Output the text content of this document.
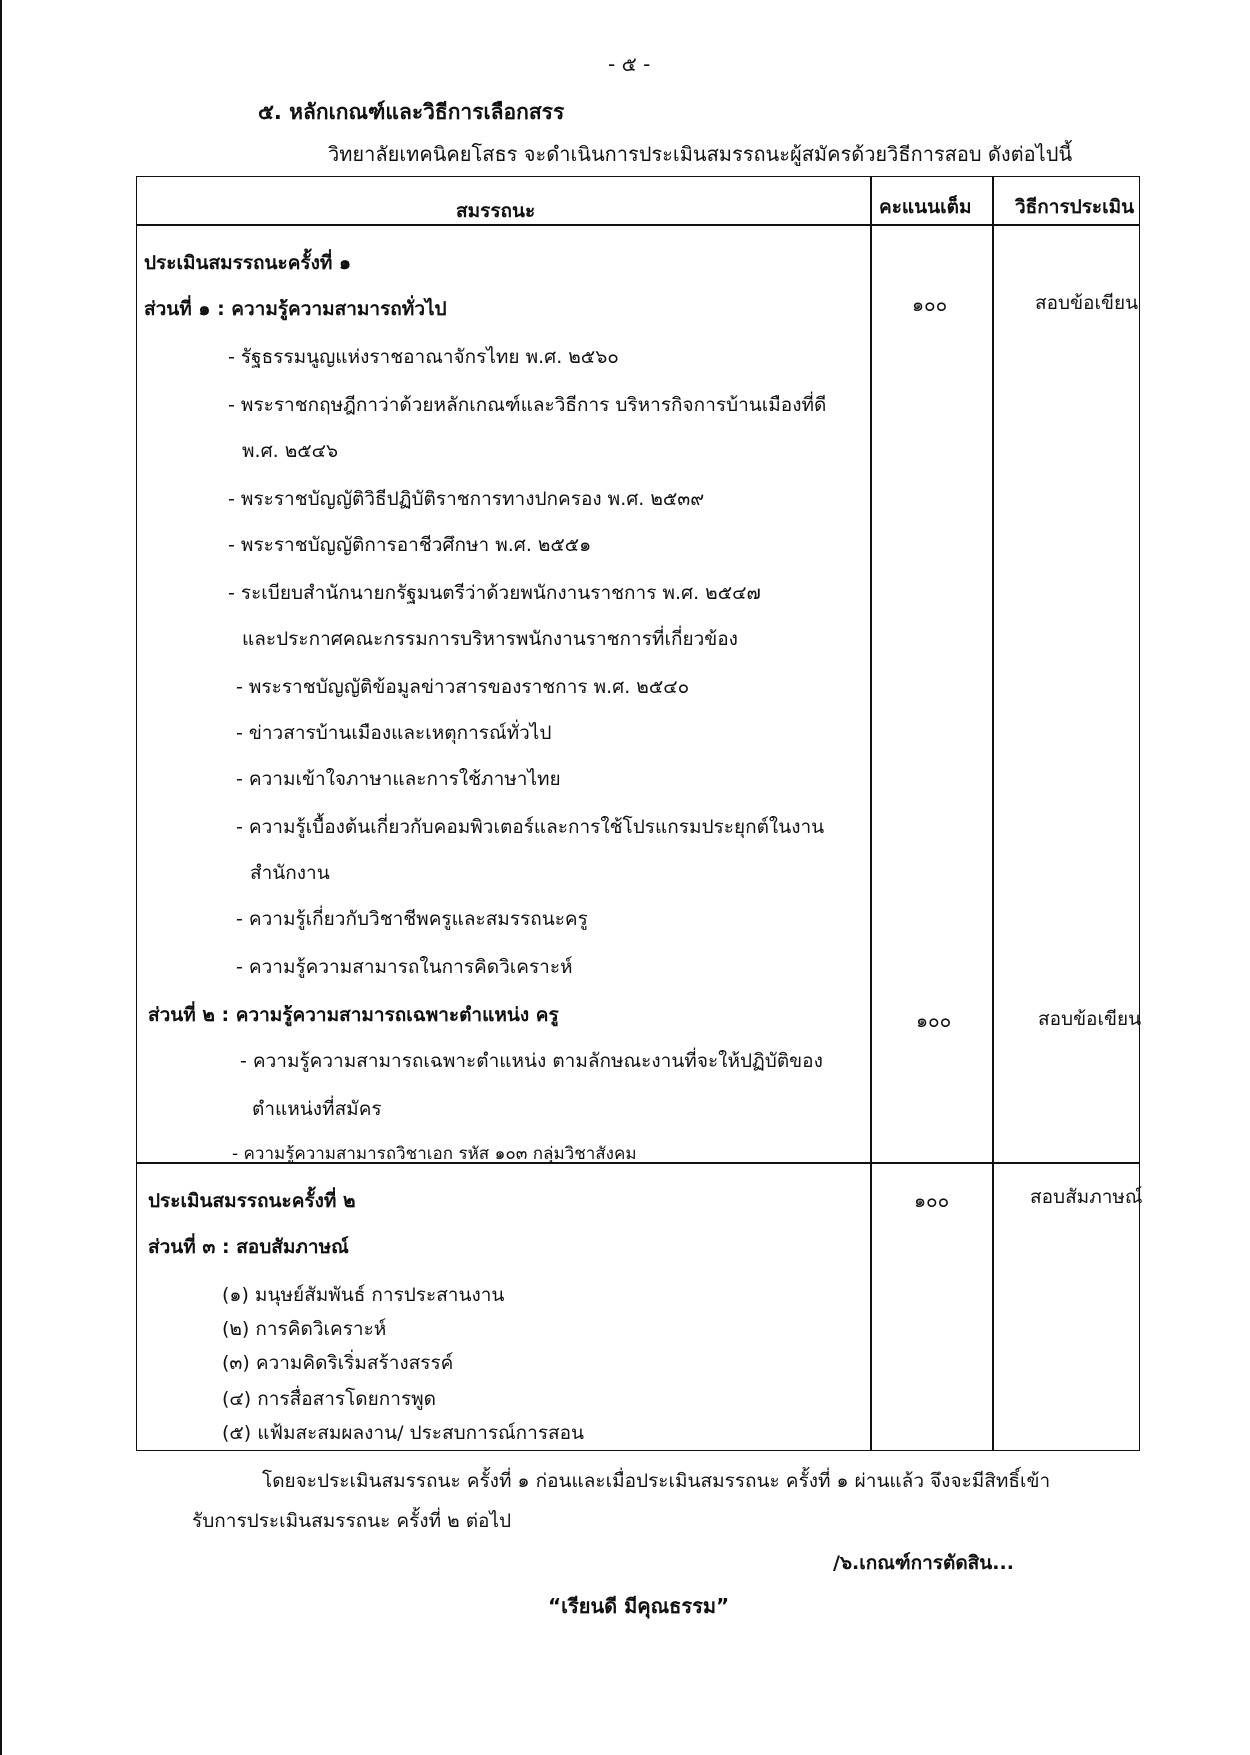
- ๕ -
๕. หลักเกณฑ์และวิธีการเลือกสรร
วิทยาลัยเทคนิคยโสธร จะดำเนินการประเมินสมรรถนะผู้สมัครด้วยวิธีการสอบ ดังต่อไปนี้
สมรรถนะ	คะแนนเต็ม วิธีการประเมิน
ประเมินสมรรถนะครั้งที่ ๑
ส่วนที่ ๑ : ความรู้ความสามารถทั่วไป	๑๐๐	สอบข้อเขียน
- รัฐธรรมนูญแห่งราชอาณาจักรไทย พ.ศ. ๒๕๖๐
- พระราชกฤษฎีกาว่าด้วยหลักเกณฑ์และวิธีการ บริหารกิจการบ้านเมืองที่ดี
พ.ศ. ๒๕๔๖
- พระราชบัญญัติวิธีปฏิบัติราชการทางปกครอง พ.ศ. ๒๕๓๙
- พระราชบัญญัติการอาชีวศึกษา พ.ศ. ๒๕๕๑
- ระเบียบสำนักนายกรัฐมนตรีว่าด้วยพนักงานราชการ พ.ศ. ๒๕๔๗
และประกาศคณะกรรมการบริหารพนักงานราชการที่เกี่ยวข้อง
- พระราชบัญญัติข้อมูลข่าวสารของราชการ พ.ศ. ๒๕๔๐
- ข่าวสารบ้านเมืองและเหตุการณ์ทั่วไป
- ความเข้าใจภาษาและการใช้ภาษาไทย
- ความรู้เบื้องต้นเกี่ยวกับคอมพิวเตอร์และการใช้โปรแกรมประยุกต์ในงาน
สำนักงาน
- ความรู้เกี่ยวกับวิชาชีพครูและสมรรถนะครู
- ความรู้ความสามารถในการคิดวิเคราะห์
ส่วนที่ ๒ : ความรู้ความสามารถเฉพาะตำแหน่ง ครู	๑๐๐	สอบข้อเขียน
- ความรู้ความสามารถเฉพาะตำแหน่ง ตามลักษณะงานที่จะให้ปฏิบัติของ
ตำแหน่งที่สมัคร
- ความรู้ความสามารถวิชาเอก รหัส ๑๐๓ กลุ่มวิชาสังคม
ประเมินสมรรถนะครั้งที่ ๒	๑๐๐	สอบสัมภาษณ์
ส่วนที่ ๓ : สอบสัมภาษณ์
(๑) มนุษย์สัมพันธ์ การประสานงาน
(๒) การคิดวิเคราะห์
(๓) ความคิดริเริ่มสร้างสรรค์
(๔) การสื่อสารโดยการพูด
(๕) แฟ้มสะสมผลงาน/ ประสบการณ์การสอน
โดยจะประเมินสมรรถนะ ครั้งที่ ๑ ก่อนและเมื่อประเมินสมรรถนะ ครั้งที่ ๑ ผ่านแล้ว จึงจะมีสิทธิ์เข้า
รับการประเมินสมรรถนะ ครั้งที่ ๒ ต่อไป
/๖.เกณฑ์การตัดสิน...
“เรียนดี มีคุณธรรม”
